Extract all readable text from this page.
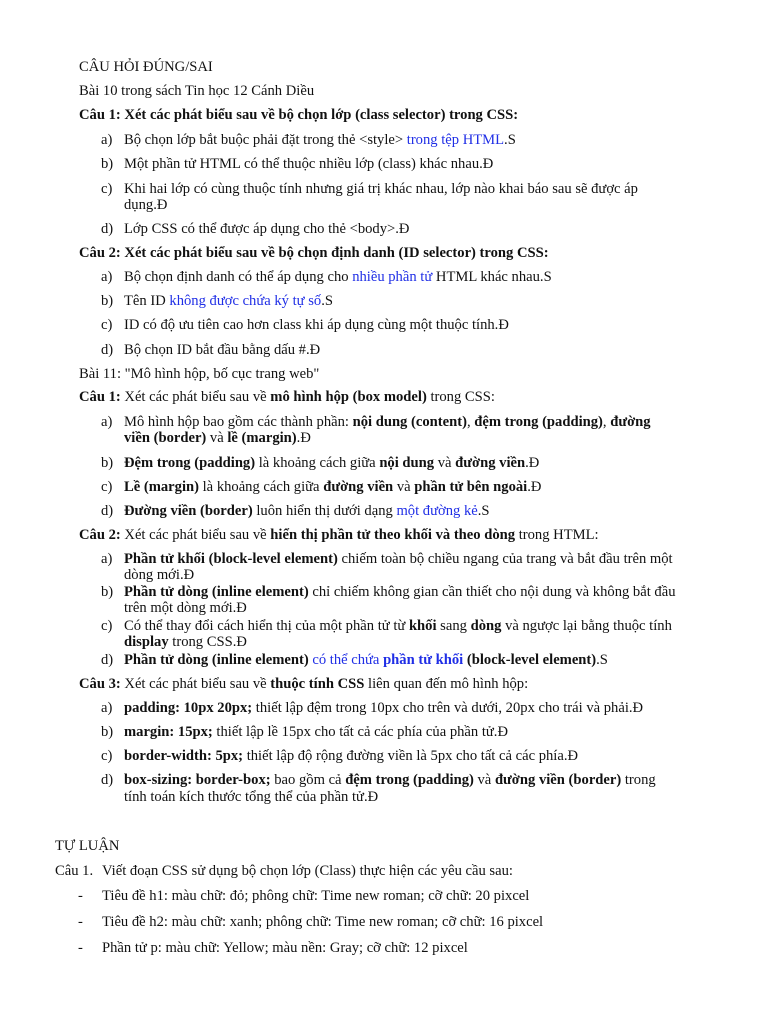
CÂU HỎI ĐÚNG/SAI
Bài 10 trong sách Tin học 12 Cánh Diều
Câu 1: Xét các phát biểu sau về bộ chọn lớp (class selector) trong CSS:
a) Bộ chọn lớp bắt buộc phải đặt trong thẻ <style> trong tệp HTML.S
b) Một phần tử HTML có thể thuộc nhiều lớp (class) khác nhau.Đ
c) Khi hai lớp có cùng thuộc tính nhưng giá trị khác nhau, lớp nào khai báo sau sẽ được áp
dụng.Đ
d) Lớp CSS có thể được áp dụng cho thẻ <body>.Đ
Câu 2: Xét các phát biểu sau về bộ chọn định danh (ID selector) trong CSS:
a) Bộ chọn định danh có thể áp dụng cho nhiều phần tử HTML khác nhau.S
b) Tên ID không được chứa ký tự số.S
c) ID có độ ưu tiên cao hơn class khi áp dụng cùng một thuộc tính.Đ
d) Bộ chọn ID bắt đầu bằng dấu #.Đ
Bài 11: "Mô hình hộp, bố cục trang web"
Câu 1: Xét các phát biểu sau về mô hình hộp (box model) trong CSS:
a) Mô hình hộp bao gồm các thành phần: nội dung (content), đệm trong (padding), đường
viền (border) và lề (margin).Đ
b) Đệm trong (padding) là khoảng cách giữa nội dung và đường viền.Đ
c) Lề (margin) là khoảng cách giữa đường viền và phần tử bên ngoài.Đ
d) Đường viền (border) luôn hiển thị dưới dạng một đường kẻ.S
Câu 2: Xét các phát biểu sau về hiển thị phần tử theo khối và theo dòng trong HTML:
a) Phần tử khối (block-level element) chiếm toàn bộ chiều ngang của trang và bắt đầu trên một
dòng mới.Đ
b) Phần tử dòng (inline element) chỉ chiếm không gian cần thiết cho nội dung và không bắt đầu
trên một dòng mới.Đ
c) Có thể thay đổi cách hiển thị của một phần tử từ khối sang dòng và ngược lại bằng thuộc tính
display trong CSS.Đ
d) Phần tử dòng (inline element) có thể chứa phần tử khối (block-level element).S
Câu 3: Xét các phát biểu sau về thuộc tính CSS liên quan đến mô hình hộp:
a) padding: 10px 20px; thiết lập đệm trong 10px cho trên và dưới, 20px cho trái và phải.Đ
b) margin: 15px; thiết lập lề 15px cho tất cả các phía của phần tử.Đ
c) border-width: 5px; thiết lập độ rộng đường viền là 5px cho tất cả các phía.Đ
d) box-sizing: border-box; bao gồm cả đệm trong (padding) và đường viền (border) trong
tính toán kích thước tổng thể của phần tử.Đ
TỰ LUẬN
Câu 1. Viết đoạn CSS sử dụng bộ chọn lớp (Class) thực hiện các yêu cầu sau:
- Tiêu đề h1: màu chữ: đỏ; phông chữ: Time new roman; cỡ chữ: 20 pixcel
- Tiêu đề h2: màu chữ: xanh; phông chữ: Time new roman; cỡ chữ: 16 pixcel
- Phần tử p: màu chữ: Yellow; màu nền: Gray; cỡ chữ: 12 pixcel
